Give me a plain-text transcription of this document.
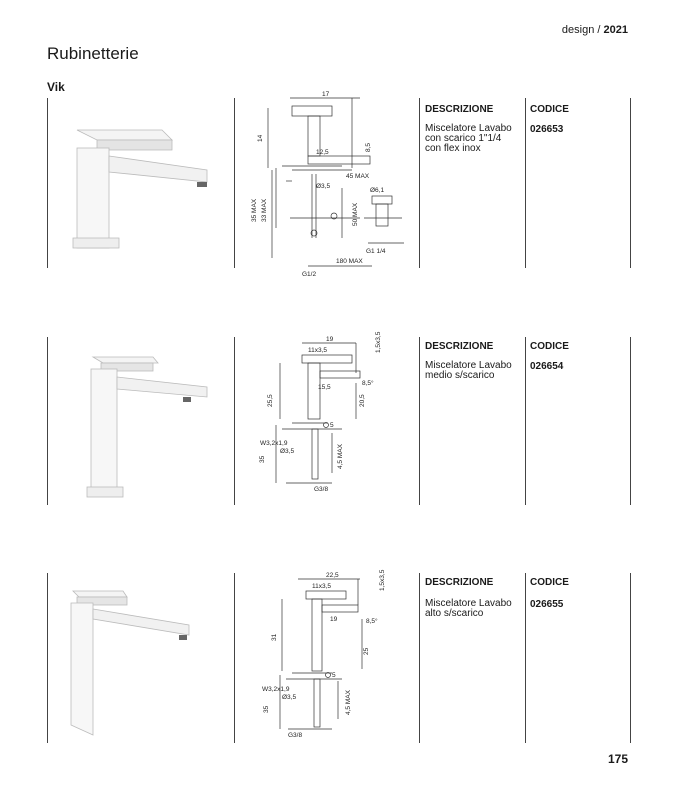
design / 2021
Rubinetterie
Vik
17
14
12,5
8,5
45 MAX
Ø3,5
35 MAX 33 MAX
Ø6,1
50 MAX
G1 1/4
180 MAX
G1/2
DESCRIZIONE
Miscelatore Lavabo
con scarico 1"1/4
con flex inox
CODICE
026653
19
11x3,5	1,5x3,5
25,5
15,5
8,5°
20,5
5
W3,2x1,9
Ø3,5
35	4,5 MAX
G3/8
DESCRIZIONE
Miscelatore Lavabo
medio s/scarico
CODICE
026654
22,5
11x3,5	1,5x3,5
19	8,5°
31
25
5
W3,2x1,9
Ø3,5	4,5 MAX
35
G3/8
DESCRIZIONE
Miscelatore Lavabo
alto s/scarico
CODICE
026655
175
